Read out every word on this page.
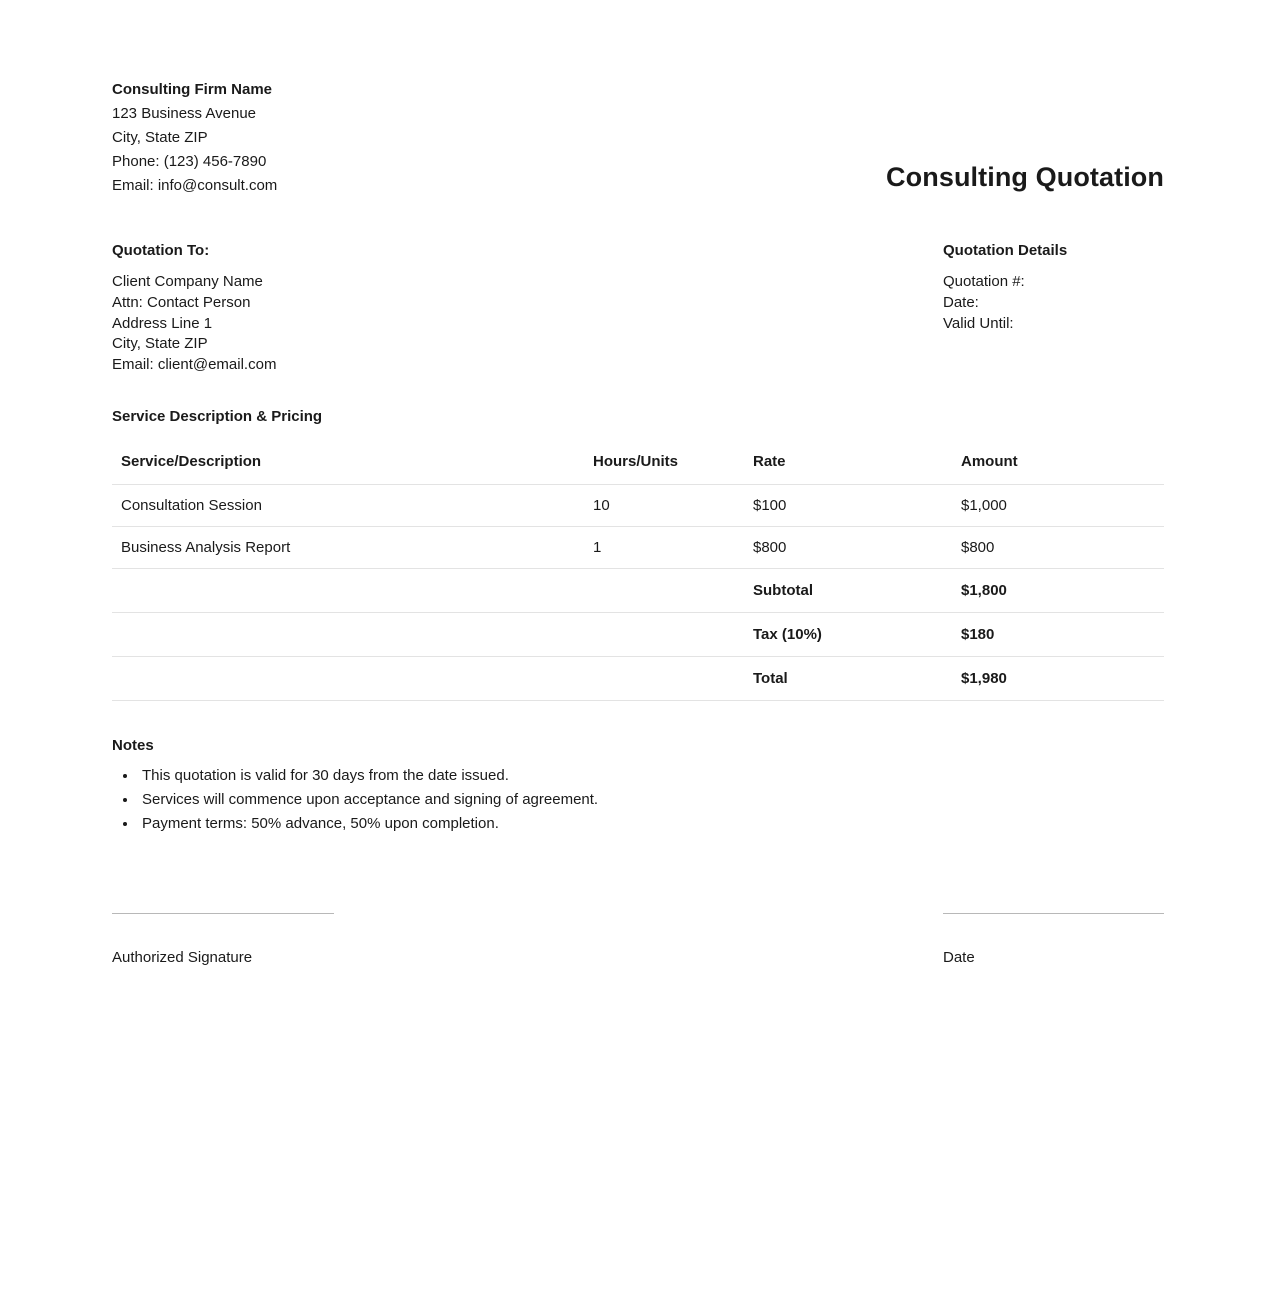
Consulting Firm Name
123 Business Avenue
City, State ZIP
Phone: (123) 456-7890
Email: info@consult.com	Consulting Quotation
Quotation To:
Client Company Name
Attn: Contact Person
Address Line 1
City, State ZIP
Email: client@email.com
Quotation Details
Quotation #:
Date:
Valid Until:
Service Description & Pricing
Service/Description	Hours/Units	Rate	Amount
Consultation Session	10	$100	$1,000
Business Analysis Report	1	$800	$800
		Subtotal	$1,800
		Tax (10%)	$180
		Total	$1,980
Notes
• This quotation is valid for 30 days from the date issued.
• Services will commence upon acceptance and signing of agreement.
• Payment terms: 50% advance, 50% upon completion.
Authorized Signature	Date
